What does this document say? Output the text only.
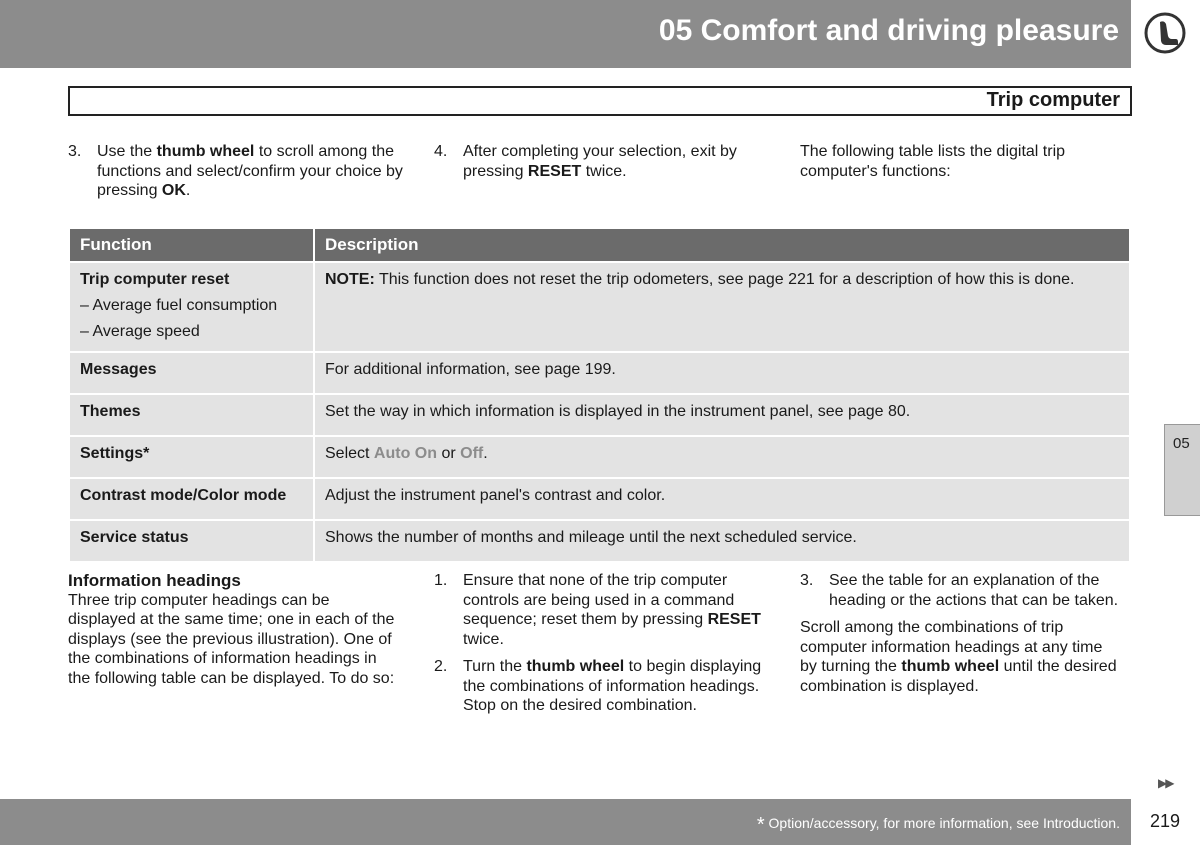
05 Comfort and driving pleasure
Trip computer
3. Use the thumb wheel to scroll among the functions and select/confirm your choice by pressing OK.
4. After completing your selection, exit by pressing RESET twice.
The following table lists the digital trip computer's functions:
Function	Description

Trip computer reset
– Average fuel consumption
– Average speed	NOTE: This function does not reset the trip odometers, see page 221 for a description of how this is done.
Messages	For additional information, see page 199.
Themes	Set the way in which information is displayed in the instrument panel, see page 80.
Settings*	Select Auto On or Off.
Contrast mode/Color mode	Adjust the instrument panel's contrast and color.
Service status	Shows the number of months and mileage until the next scheduled service.
Information headings
Three trip computer headings can be displayed at the same time; one in each of the displays (see the previous illustration). One of the combinations of information headings in the following table can be displayed. To do so:
1. Ensure that none of the trip computer controls are being used in a command sequence; reset them by pressing RESET twice.
2. Turn the thumb wheel to begin displaying the combinations of information headings. Stop on the desired combination.
3. See the table for an explanation of the heading or the actions that can be taken.
Scroll among the combinations of trip computer information headings at any time by turning the thumb wheel until the desired combination is displayed.
05
▶▶
* Option/accessory, for more information, see Introduction. 219
